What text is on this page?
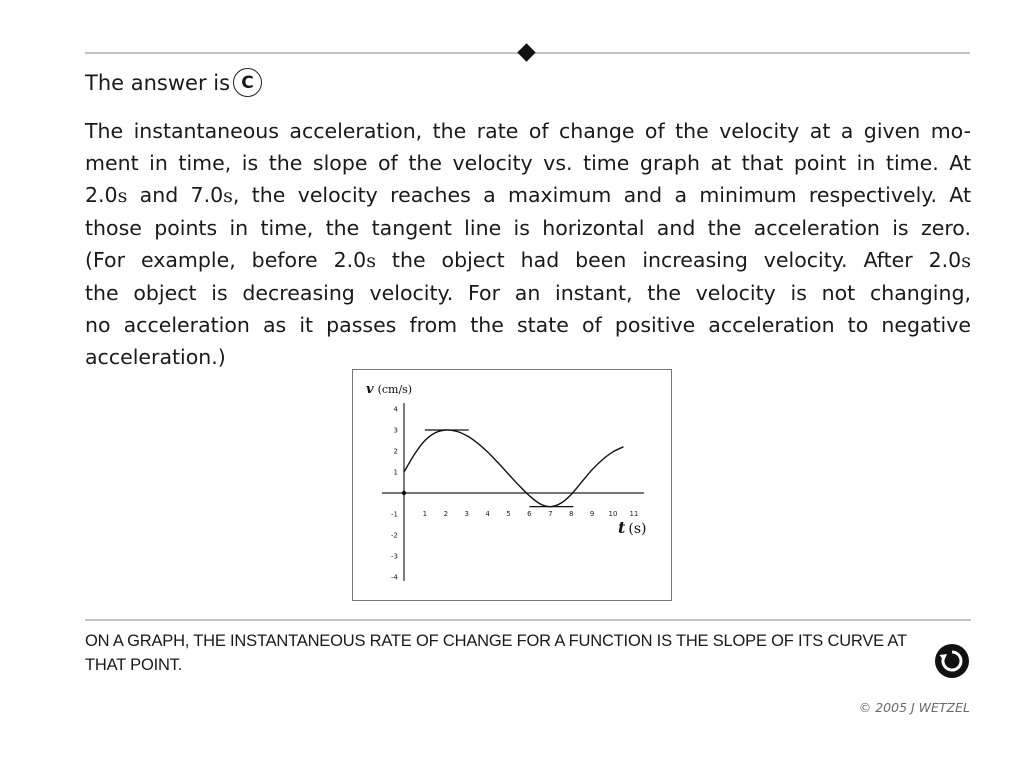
The answer is C

The instantaneous acceleration, the rate of change of the velocity at a given mo-
ment in time, is the slope of the velocity vs. time graph at that point in time. At
2.0s and 7.0s, the velocity reaches a maximum and a minimum respectively. At
those points in time, the tangent line is horizontal and the acceleration is zero.
(For example, before 2.0s the object had been increasing velocity. After 2.0s
the object is decreasing velocity. For an instant, the velocity is not changing,
no acceleration as it passes from the state of positive acceleration to negative
acceleration.)

4
3
2
1
-1
-2
-3
-4
1 2 3 4 5 6 7 8 9 10 11
v (cm/s)
t (s)
ON A GRAPH, THE INSTANTANEOUS RATE OF CHANGE FOR A FUNCTION IS THE SLOPE OF ITS CURVE AT THAT POINT.
© 2005 J WETZEL
